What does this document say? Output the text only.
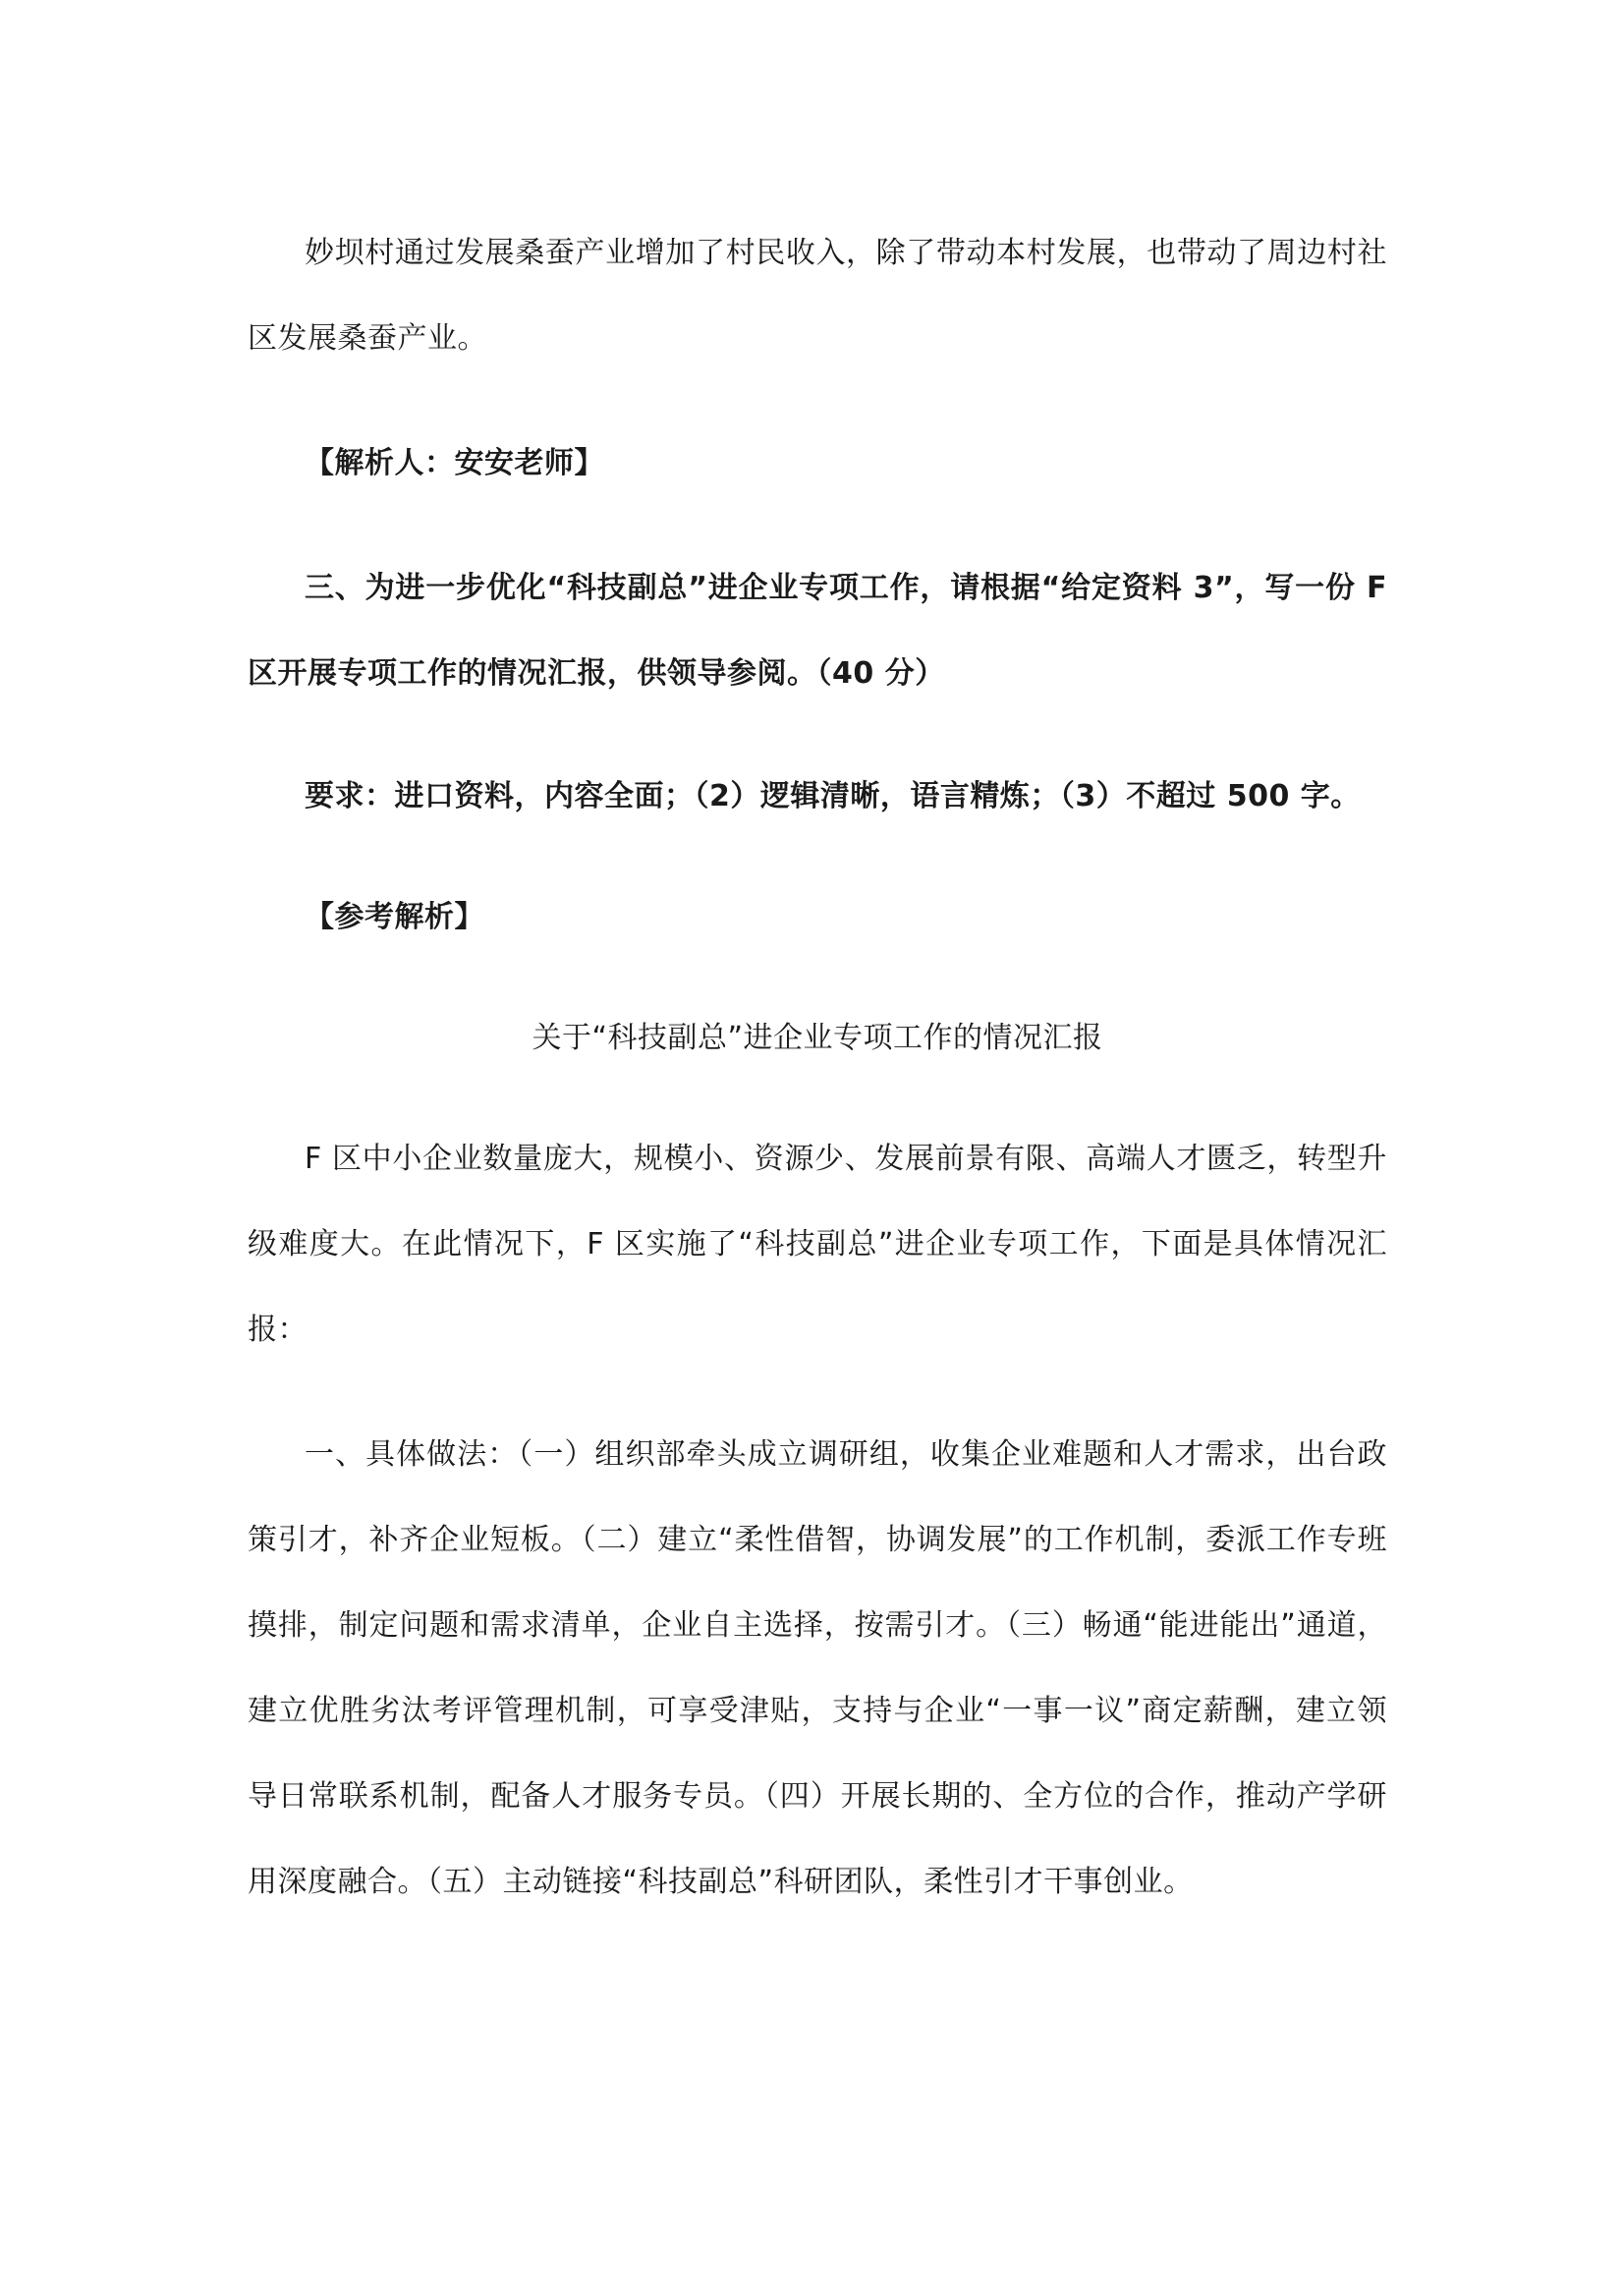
妙坝村通过发展桑蚕产业增加了村民收入，除了带动本村发展，也带动了周边村社区发展桑蚕产业。

【解析人：安安老师】

三、为进一步优化“科技副总”进企业专项工作，请根据“给定资料 3”，写一份 F 区开展专项工作的情况汇报，供领导参阅。（40 分）

要求：进口资料，内容全面；（2）逻辑清晰，语言精炼；（3）不超过 500 字。

【参考解析】

关于“科技副总”进企业专项工作的情况汇报

F 区中小企业数量庞大，规模小、资源少、发展前景有限、高端人才匮乏，转型升级难度大。在此情况下，F 区实施了“科技副总”进企业专项工作，下面是具体情况汇报：

一、具体做法：（一）组织部牵头成立调研组，收集企业难题和人才需求，出台政策引才，补齐企业短板。（二）建立“柔性借智，协调发展”的工作机制，委派工作专班摸排，制定问题和需求清单，企业自主选择，按需引才。（三）畅通“能进能出”通道，建立优胜劣汰考评管理机制，可享受津贴，支持与企业“一事一议”商定薪酬，建立领导日常联系机制，配备人才服务专员。（四）开展长期的、全方位的合作，推动产学研用深度融合。（五）主动链接“科技副总”科研团队，柔性引才干事创业。
